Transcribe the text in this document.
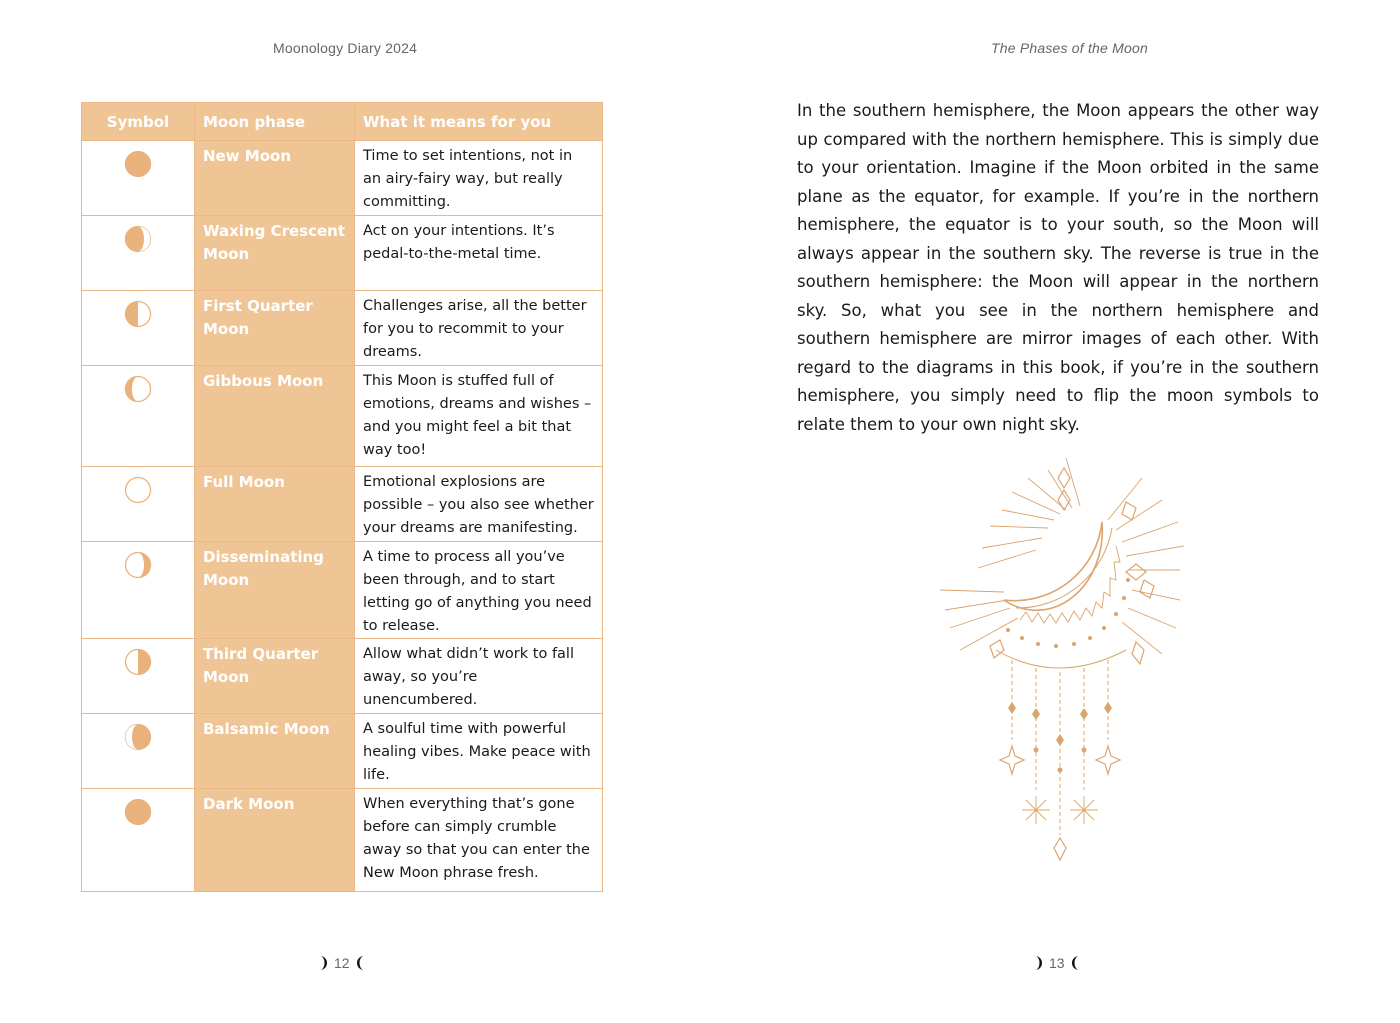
Moonology Diary 2024
Symbol	Moon phase	What it means for you

	New Moon	Time to set intentions, not in an airy-fairy way, but really committing.

	Waxing Crescent Moon	Act on your intentions. It’s pedal-to-the-metal time.

	First Quarter Moon	Challenges arise, all the better for you to recommit to your dreams.

	Gibbous Moon	This Moon is stuffed full of emotions, dreams and wishes – and you might feel a bit that way too!

	Full Moon	Emotional explosions are possible – you also see whether your dreams are manifesting.

	Disseminating Moon	A time to process all you’ve been through, and to start letting go of anything you need to release.

	Third Quarter Moon	Allow what didn’t work to fall away, so you’re unencumbered.

	Balsamic Moon	A soulful time with powerful healing vibes. Make peace with life.

	Dark Moon	When everything that’s gone before can simply crumble away so that you can enter the New Moon phrase fresh.
12
The Phases of the Moon

In the southern hemisphere, the Moon appears the other way up compared with the northern hemisphere. This is simply due to your orientation. Imagine if the Moon orbited in the same plane as the equator, for example. If you’re in the northern hemisphere, the equator is to your south, so the Moon will always appear in the southern sky. The reverse is true in the southern hemisphere: the Moon will appear in the northern sky. So, what you see in the northern hemisphere and southern hemisphere are mirror images of each other. With regard to the diagrams in this book, if you’re in the southern hemisphere, you simply need to flip the moon symbols to relate them to your own night sky.

13
